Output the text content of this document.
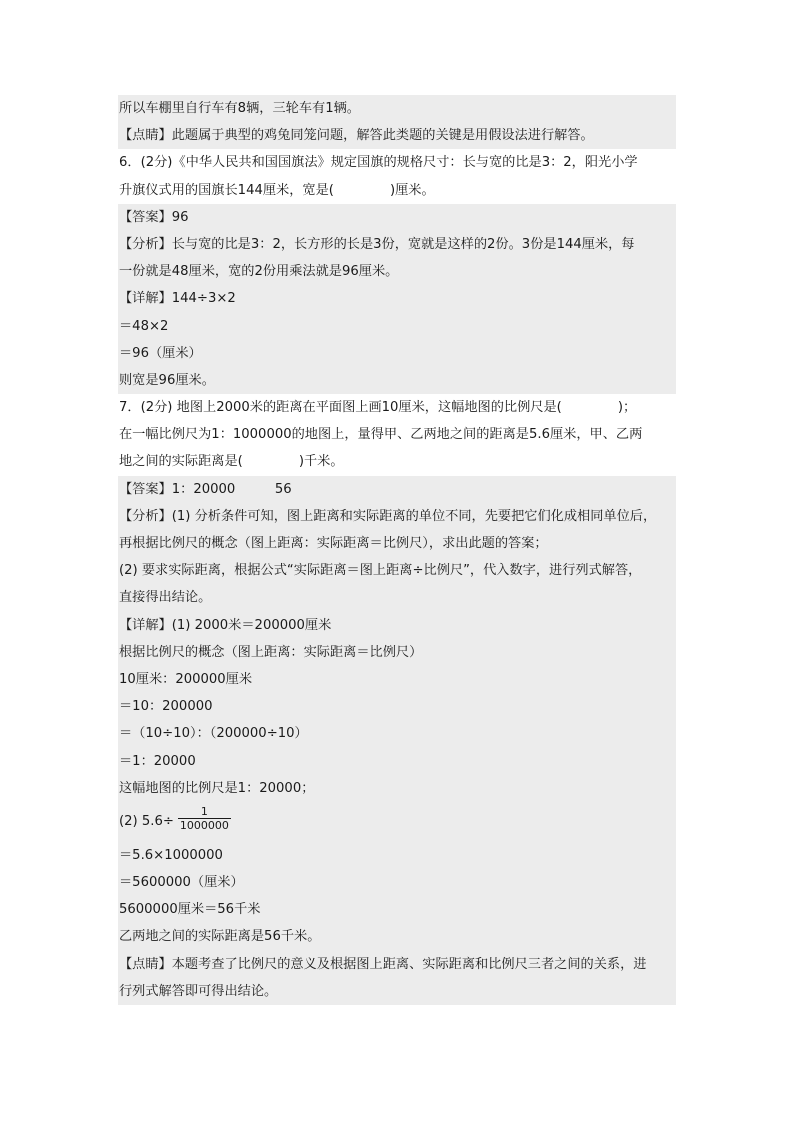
所以车棚里自行车有8辆，三轮车有1辆。
【点睛】此题属于典型的鸡兔同笼问题，解答此类题的关键是用假设法进行解答。
6．(2分)《中华人民共和国国旗法》规定国旗的规格尺寸：长与宽的比是3：2，阳光小学
升旗仪式用的国旗长144厘米，宽是(	)厘米。
【答案】96
【分析】长与宽的比是3：2，长方形的长是3份，宽就是这样的2份。3份是144厘米，每
一份就是48厘米，宽的2份用乘法就是96厘米。
【详解】144÷3×2
＝48×2
＝96（厘米）
则宽是96厘米。
7．(2分) 地图上2000米的距离在平面图上画10厘米，这幅地图的比例尺是(	)；
在一幅比例尺为1：1000000的地图上，量得甲、乙两地之间的距离是5.6厘米，甲、乙两
地之间的实际距离是(	)千米。
【答案】1：20000　　　56
【分析】(1) 分析条件可知，图上距离和实际距离的单位不同，先要把它们化成相同单位后，
再根据比例尺的概念（图上距离：实际距离＝比例尺），求出此题的答案；
(2) 要求实际距离，根据公式“实际距离＝图上距离÷比例尺”，代入数字，进行列式解答，
直接得出结论。
【详解】(1) 2000米＝200000厘米
根据比例尺的概念（图上距离：实际距离＝比例尺）
10厘米：200000厘米
＝10：200000
＝（10÷10）：（200000÷10）
＝1：20000
这幅地图的比例尺是1：20000；
(2) $5.6\div \frac{1}{1000000}$
＝5.6×1000000
＝5600000（厘米）
5600000厘米＝56千米
乙两地之间的实际距离是56千米。
【点睛】本题考查了比例尺的意义及根据图上距离、实际距离和比例尺三者之间的关系，进
行列式解答即可得出结论。
